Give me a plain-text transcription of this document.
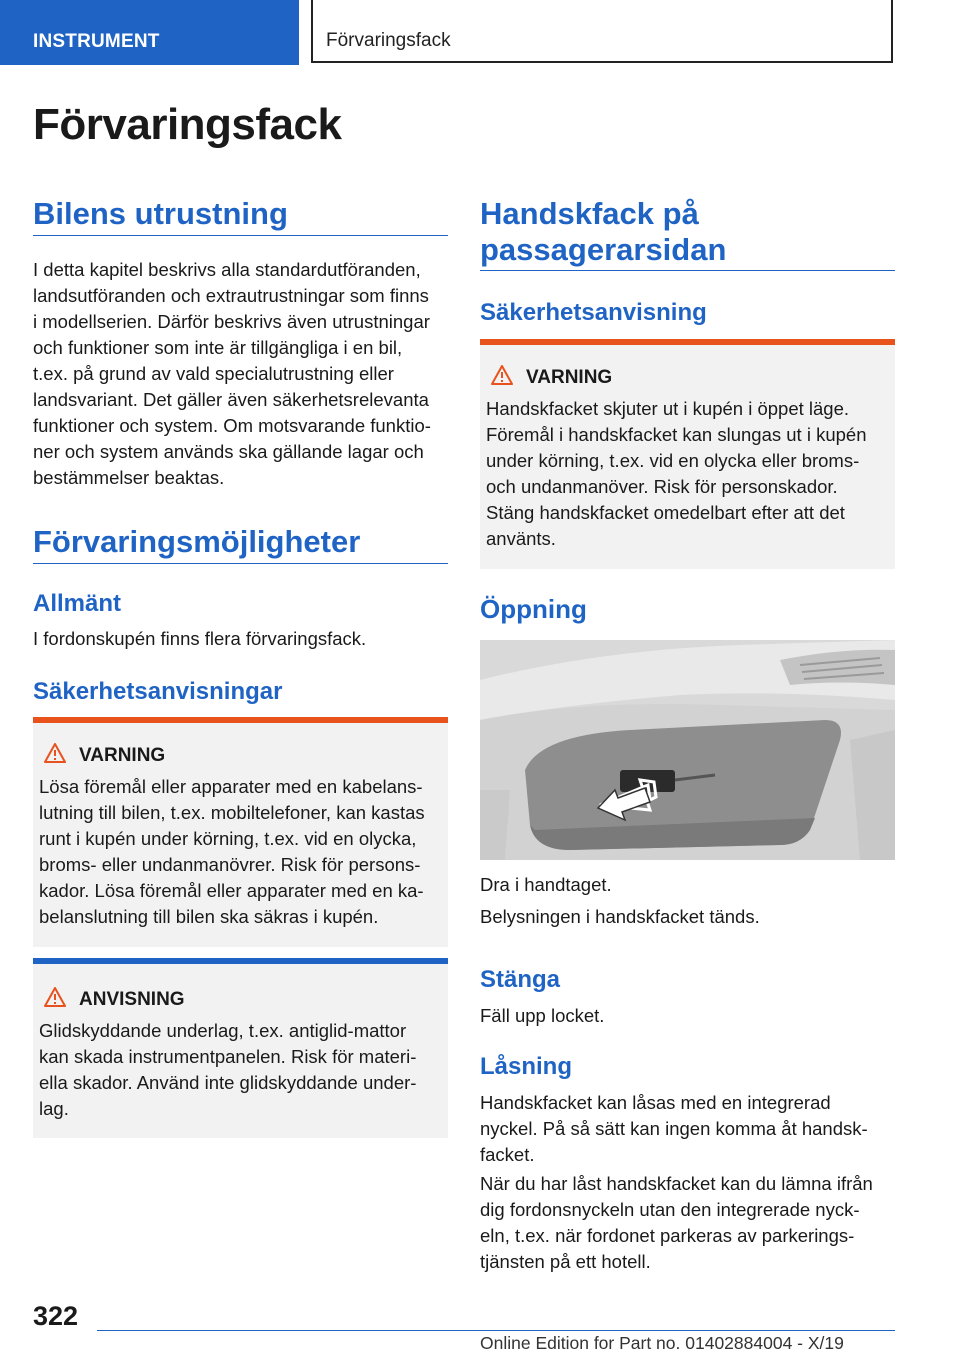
INSTRUMENT	Förvaringsfack
Förvaringsfack
Bilens utrustning
I detta kapitel beskrivs alla standardutföranden,
landsutföranden och extrautrustningar som finns
i modellserien. Därför beskrivs även utrustningar
och funktioner som inte är tillgängliga i en bil,
t.ex. på grund av vald specialutrustning eller
landsvariant. Det gäller även säkerhetsrelevanta
funktioner och system. Om motsvarande funktio-
ner och system används ska gällande lagar och
bestämmelser beaktas.
Förvaringsmöjligheter
Allmänt
I fordonskupén finns flera förvaringsfack.
Säkerhetsanvisningar
VARNING
Lösa föremål eller apparater med en kabelans-
lutning till bilen, t.ex. mobiltelefoner, kan kastas
runt i kupén under körning, t.ex. vid en olycka,
broms- eller undanmanövrer. Risk för persons-
kador. Lösa föremål eller apparater med en ka-
belanslutning till bilen ska säkras i kupén.
ANVISNING
Glidskyddande underlag, t.ex. antiglid-mattor
kan skada instrumentpanelen. Risk för materi-
ella skador. Använd inte glidskyddande under-
lag.
Handskfack på
passagerarsidan
Säkerhetsanvisning
VARNING
Handskfacket skjuter ut i kupén i öppet läge.
Föremål i handskfacket kan slungas ut i kupén
under körning, t.ex. vid en olycka eller broms-
och undanmanöver. Risk för personskador.
Stäng handskfacket omedelbart efter att det
använts.
Öppning
Dra i handtaget.
Belysningen i handskfacket tänds.
Stänga
Fäll upp locket.
Låsning
Handskfacket kan låsas med en integrerad
nyckel. På så sätt kan ingen komma åt handsk-
facket.
När du har låst handskfacket kan du lämna ifrån
dig fordonsnyckeln utan den integrerade nyck-
eln, t.ex. när fordonet parkeras av parkerings-
tjänsten på ett hotell.
322
Online Edition for Part no. 01402884004 - X/19
